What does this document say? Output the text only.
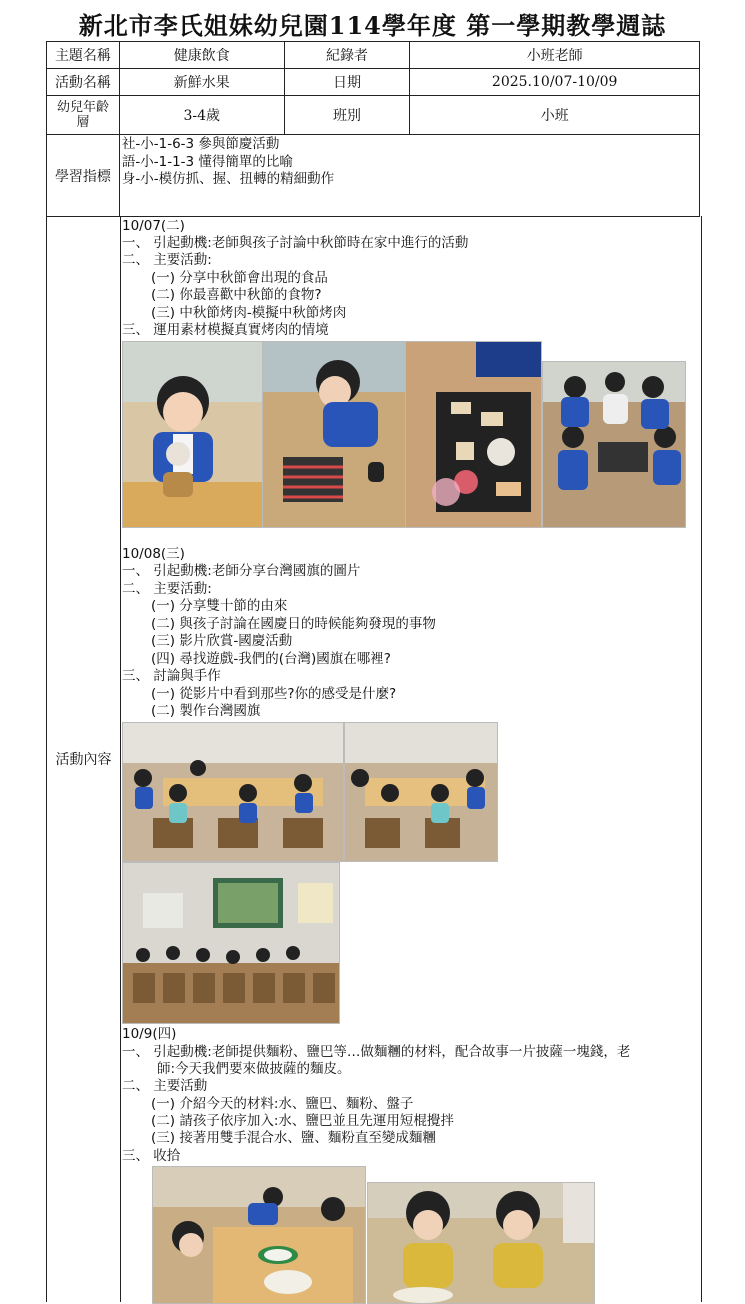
新北市李氏姐妹幼兒園114學年度 第一學期教學週誌
主題名稱	健康飲食	紀錄者	小班老師
活動名稱	新鮮水果	日期	2025.10/07-10/09
幼兒年齡層	3-4歲	班別	小班
學習指標	社-小-1-6-3 參與節慶活動
語-小-1-1-3 懂得簡單的比喻
身-小-模仿抓、握、扭轉的精細動作		
活動內容
10/07(二)
一、 引起動機:老師與孩子討論中秋節時在家中進行的活動
二、 主要活動:
(一) 分享中秋節會出現的食品
(二) 你最喜歡中秋節的食物?
(三) 中秋節烤肉-模擬中秋節烤肉
三、 運用素材模擬真實烤肉的情境
10/08(三)
一、 引起動機:老師分享台灣國旗的圖片
二、 主要活動:
(一) 分享雙十節的由來
(二) 與孩子討論在國慶日的時候能夠發現的事物
(三) 影片欣賞-國慶活動
(四) 尋找遊戲-我們的(台灣)國旗在哪裡?
三、 討論與手作
(一) 從影片中看到那些?你的感受是什麼?
(二) 製作台灣國旗
10/9(四)
一、 引起動機:老師提供麵粉、鹽巴等…做麵糰的材料，配合故事一片披薩一塊錢，老
師:今天我們要來做披薩的麵皮。
二、 主要活動
(一) 介紹今天的材料:水、鹽巴、麵粉、盤子
(二) 請孩子依序加入:水、鹽巴並且先運用短棍攪拌
(三) 接著用雙手混合水、鹽、麵粉直至變成麵糰
三、 收拾
